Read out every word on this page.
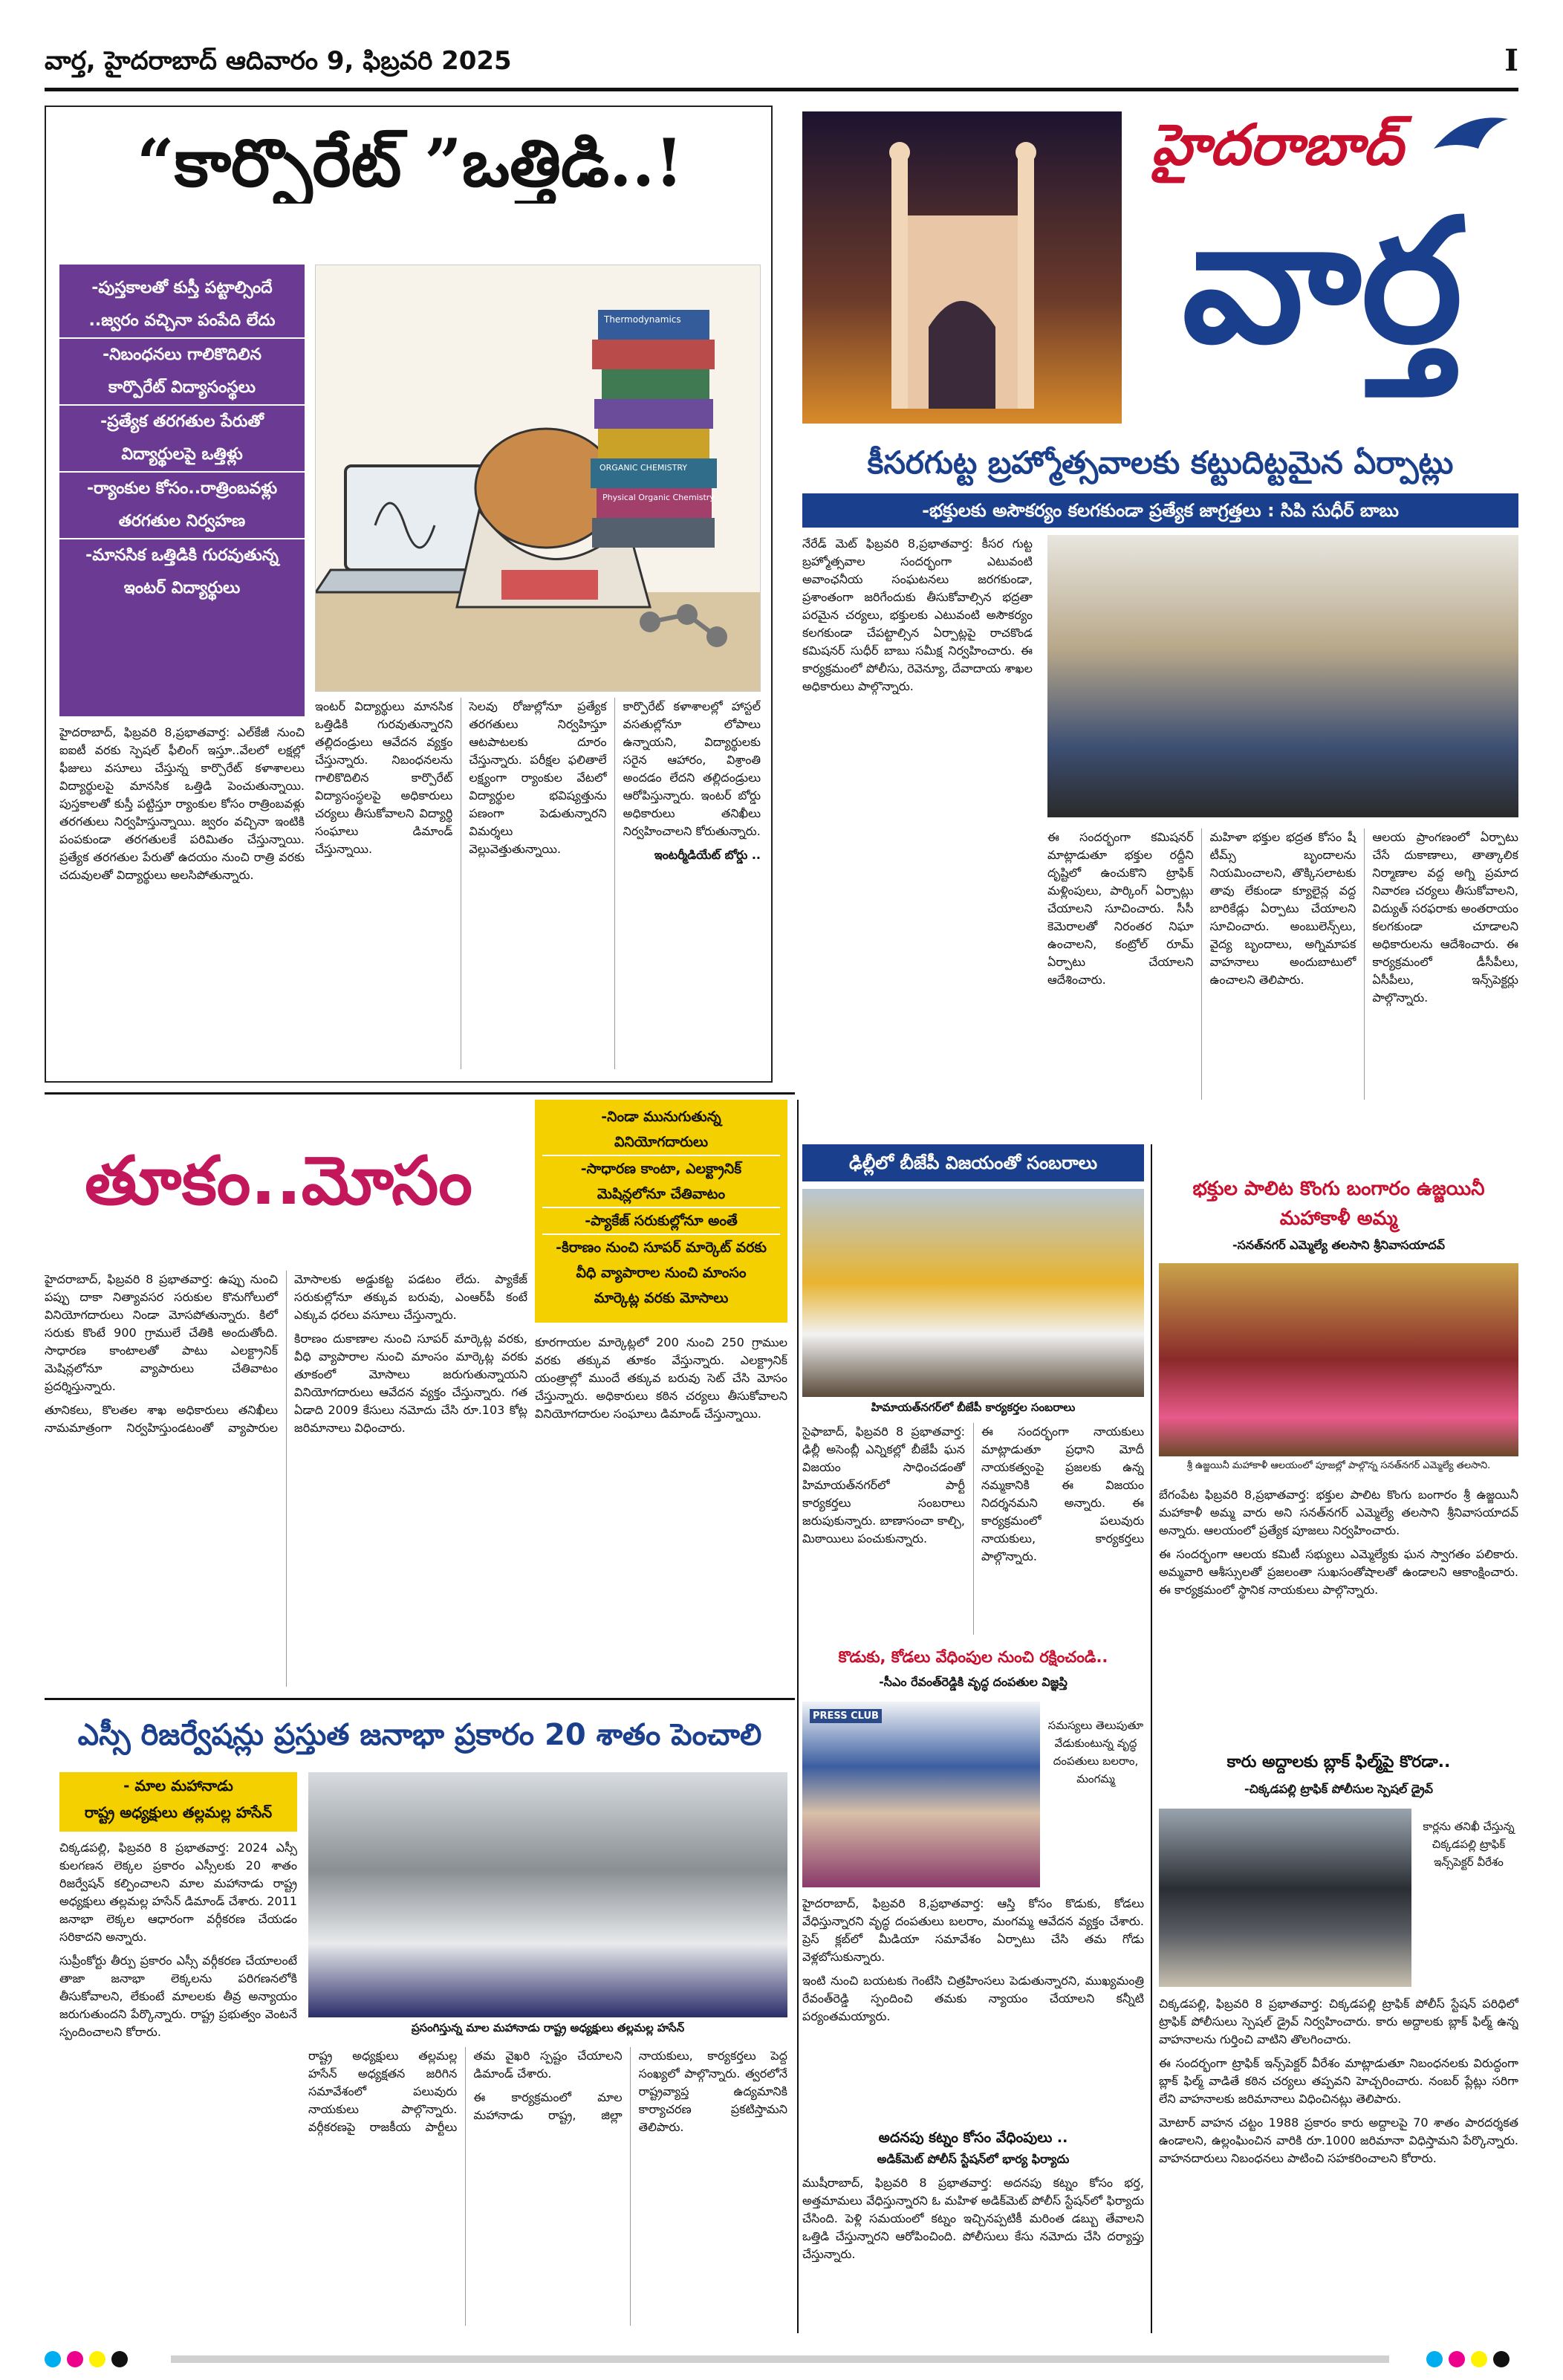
వార్త, హైదరాబాద్ ఆదివారం 9, ఫిబ్రవరి 2025	I
“కార్పొరేట్ ”ఒత్తిడి..!
-పుస్తకాలతో కుస్తీ పట్టాల్సిందే
..జ్వరం వచ్చినా పంపేది లేదు
-నిబంధనలు గాలికొదిలిన
కార్పొరేట్ విద్యాసంస్థలు
-ప్రత్యేక తరగతుల పేరుతో
విద్యార్థులపై ఒత్తిళ్లు
-ర్యాంకుల కోసం..రాత్రింబవళ్లు
తరగతుల నిర్వహణ
-మానసిక ఒత్తిడికి గురవుతున్న
ఇంటర్ విద్యార్థులు
Thermodynamics
ORGANIC CHEMISTRY
Physical Organic Chemistry

హైదరాబాద్, ఫిబ్రవరి 8,ప్రభాతవార్త: ఎల్‌కేజీ నుంచి ఐఐటీ వరకు స్పెషల్ ఫీలింగ్ ఇస్తూ..వేలలో లక్షల్లో ఫీజులు వసూలు చేస్తున్న కార్పొరేట్ కళాశాలలు విద్యార్థులపై మానసిక ఒత్తిడి పెంచుతున్నాయి. పుస్తకాలతో కుస్తీ పట్టిస్తూ ర్యాంకుల కోసం రాత్రింబవళ్లు తరగతులు నిర్వహిస్తున్నాయి. జ్వరం వచ్చినా ఇంటికి పంపకుండా తరగతులకే పరిమితం చేస్తున్నాయి. ప్రత్యేక తరగతుల పేరుతో ఉదయం నుంచి రాత్రి వరకు చదువులతో విద్యార్థులు అలసిపోతున్నారు.

ఇంటర్ విద్యార్థులు మానసిక ఒత్తిడికి గురవుతున్నారని తల్లిదండ్రులు ఆవేదన వ్యక్తం చేస్తున్నారు. నిబంధనలను గాలికొదిలిన కార్పొరేట్ విద్యాసంస్థలపై అధికారులు చర్యలు తీసుకోవాలని విద్యార్థి సంఘాలు డిమాండ్ చేస్తున్నాయి.

సెలవు రోజుల్లోనూ ప్రత్యేక తరగతులు నిర్వహిస్తూ ఆటపాటలకు దూరం చేస్తున్నారు. పరీక్షల ఫలితాలే లక్ష్యంగా ర్యాంకుల వేటలో విద్యార్థుల భవిష్యత్తును పణంగా పెడుతున్నారని విమర్శలు వెల్లువెత్తుతున్నాయి.

కార్పొరేట్ కళాశాలల్లో హాస్టల్ వసతుల్లోనూ లోపాలు ఉన్నాయని, విద్యార్థులకు సరైన ఆహారం, విశ్రాంతి అందడం లేదని తల్లిదండ్రులు ఆరోపిస్తున్నారు. ఇంటర్ బోర్డు అధికారులు తనిఖీలు నిర్వహించాలని కోరుతున్నారు.

ఇంటర్మీడియేట్ బోర్డు ..

హైదరాబాద్
వార్త
కీసరగుట్ట బ్రహ్మోత్సవాలకు కట్టుదిట్టమైన ఏర్పాట్లు
-భక్తులకు అసౌకర్యం కలగకుండా ప్రత్యేక జాగ్రత్తలు : సిపి సుధీర్ బాబు

నేరేడ్ మెట్ ఫిబ్రవరి 8,ప్రభాతవార్త: కీసర గుట్ట బ్రహ్మోత్సవాల సందర్భంగా ఎటువంటి అవాంఛనీయ సంఘటనలు జరగకుండా, ప్రశాంతంగా జరిగేందుకు తీసుకోవాల్సిన భద్రతా పరమైన చర్యలు, భక్తులకు ఎటువంటి అసౌకర్యం కలగకుండా చేపట్టాల్సిన ఏర్పాట్లపై రాచకొండ కమిషనర్ సుధీర్ బాబు సమీక్ష నిర్వహించారు. ఈ కార్యక్రమంలో పోలీసు, రెవెన్యూ, దేవాదాయ శాఖల అధికారులు పాల్గొన్నారు.

ఈ సందర్భంగా కమిషనర్ మాట్లాడుతూ భక్తుల రద్దీని దృష్టిలో ఉంచుకొని ట్రాఫిక్ మళ్లింపులు, పార్కింగ్ ఏర్పాట్లు చేయాలని సూచించారు. సీసీ కెమెరాలతో నిరంతర నిఘా ఉంచాలని, కంట్రోల్ రూమ్ ఏర్పాటు చేయాలని ఆదేశించారు.

మహిళా భక్తుల భద్రత కోసం షీ టీమ్స్ బృందాలను నియమించాలని, తొక్కిసలాటకు తావు లేకుండా క్యూలైన్ల వద్ద బారికేడ్లు ఏర్పాటు చేయాలని సూచించారు. అంబులెన్స్‌లు, వైద్య బృందాలు, అగ్నిమాపక వాహనాలు అందుబాటులో ఉంచాలని తెలిపారు.

ఆలయ ప్రాంగణంలో ఏర్పాటు చేసే దుకాణాలు, తాత్కాలిక నిర్మాణాల వద్ద అగ్ని ప్రమాద నివారణ చర్యలు తీసుకోవాలని, విద్యుత్ సరఫరాకు అంతరాయం కలగకుండా చూడాలని అధికారులను ఆదేశించారు. ఈ కార్యక్రమంలో డీసీపీలు, ఏసీపీలు, ఇన్స్‌పెక్టర్లు పాల్గొన్నారు.

తూకం..మోసం
-నిండా మునుగుతున్న
వినియోగదారులు
-సాధారణ కాంటా, ఎలక్ట్రానిక్
మెషిన్లలోనూ చేతివాటం
-ప్యాకేజ్ సరుకుల్లోనూ అంతే
-కిరాణం నుంచి సూపర్ మార్కెట్ వరకు
వీధి వ్యాపారాల నుంచి మాంసం
మార్కెట్ల వరకు మోసాలు

హైదరాబాద్, ఫిబ్రవరి 8 ప్రభాతవార్త: ఉప్పు నుంచి పప్పు దాకా నిత్యావసర సరుకుల కొనుగోలులో వినియోగదారులు నిండా మోసపోతున్నారు. కిలో సరుకు కొంటే 900 గ్రాములే చేతికి అందుతోంది. సాధారణ కాంటాలతో పాటు ఎలక్ట్రానిక్ మెషిన్లలోనూ వ్యాపారులు చేతివాటం ప్రదర్శిస్తున్నారు.

తూనికలు, కొలతల శాఖ అధికారులు తనిఖీలు నామమాత్రంగా నిర్వహిస్తుండటంతో వ్యాపారుల మోసాలకు అడ్డుకట్ట పడటం లేదు. ప్యాకేజ్ సరుకుల్లోనూ తక్కువ బరువు, ఎంఆర్‌పీ కంటే ఎక్కువ ధరలు వసూలు చేస్తున్నారు.

కిరాణం దుకాణాల నుంచి సూపర్ మార్కెట్ల వరకు, వీధి వ్యాపారాల నుంచి మాంసం మార్కెట్ల వరకు తూకంలో మోసాలు జరుగుతున్నాయని వినియోగదారులు ఆవేదన వ్యక్తం చేస్తున్నారు. గత ఏడాది 2009 కేసులు నమోదు చేసి రూ.103 కోట్ల జరిమానాలు విధించారు.

కూరగాయల మార్కెట్లలో 200 నుంచి 250 గ్రాముల వరకు తక్కువ తూకం వేస్తున్నారు. ఎలక్ట్రానిక్ యంత్రాల్లో ముందే తక్కువ బరువు సెట్ చేసి మోసం చేస్తున్నారు. అధికారులు కఠిన చర్యలు తీసుకోవాలని వినియోగదారుల సంఘాలు డిమాండ్ చేస్తున్నాయి.

ఎస్సీ రిజర్వేషన్లు ప్రస్తుత జనాభా ప్రకారం 20 శాతం పెంచాలి
- మాల మహానాడు
రాష్ట్ర అధ్యక్షులు తల్లమల్ల హసేన్

చిక్కడపల్లి, ఫిబ్రవరి 8 ప్రభాతవార్త: 2024 ఎస్సీ కులగణన లెక్కల ప్రకారం ఎస్సీలకు 20 శాతం రిజర్వేషన్ కల్పించాలని మాల మహానాడు రాష్ట్ర అధ్యక్షులు తల్లమల్ల హసేన్ డిమాండ్ చేశారు. 2011 జనాభా లెక్కల ఆధారంగా వర్గీకరణ చేయడం సరికాదని అన్నారు.

సుప్రీంకోర్టు తీర్పు ప్రకారం ఎస్సీ వర్గీకరణ చేయాలంటే తాజా జనాభా లెక్కలను పరిగణనలోకి తీసుకోవాలని, లేకుంటే మాలలకు తీవ్ర అన్యాయం జరుగుతుందని పేర్కొన్నారు. రాష్ట్ర ప్రభుత్వం వెంటనే స్పందించాలని కోరారు.	ప్రసంగిస్తున్న మాల మహానాడు రాష్ట్ర అధ్యక్షులు తల్లమల్ల హసేన్

రాష్ట్ర అధ్యక్షులు తల్లమల్ల హసేన్ అధ్యక్షతన జరిగిన సమావేశంలో పలువురు నాయకులు పాల్గొన్నారు. వర్గీకరణపై రాజకీయ పార్టీలు తమ వైఖరి స్పష్టం చేయాలని డిమాండ్ చేశారు.

ఈ కార్యక్రమంలో మాల మహానాడు రాష్ట్ర, జిల్లా నాయకులు, కార్యకర్తలు పెద్ద సంఖ్యలో పాల్గొన్నారు. త్వరలోనే రాష్ట్రవ్యాప్త ఉద్యమానికి కార్యాచరణ ప్రకటిస్తామని తెలిపారు.

ఢిల్లీలో బీజేపీ విజయంతో సంబరాలు
హిమాయత్‌నగర్‌లో బీజేపీ కార్యకర్తల సంబరాలు

సైఫాబాద్, ఫిబ్రవరి 8 ప్రభాతవార్త: ఢిల్లీ అసెంబ్లీ ఎన్నికల్లో బీజేపీ ఘన విజయం సాధించడంతో హిమాయత్‌నగర్‌లో పార్టీ కార్యకర్తలు సంబరాలు జరుపుకున్నారు. బాణాసంచా కాల్చి, మిఠాయిలు పంచుకున్నారు.

ఈ సందర్భంగా నాయకులు మాట్లాడుతూ ప్రధాని మోదీ నాయకత్వంపై ప్రజలకు ఉన్న నమ్మకానికి ఈ విజయం నిదర్శనమని అన్నారు. ఈ కార్యక్రమంలో పలువురు నాయకులు, కార్యకర్తలు పాల్గొన్నారు.

భక్తుల పాలిట కొంగు బంగారం ఉజ్జయినీ మహాకాళీ అమ్మ
-సనత్‌నగర్ ఎమ్మెల్యే తలసాని శ్రీనివాసయాదవ్
శ్రీ ఉజ్జయినీ మహాకాళీ ఆలయంలో పూజల్లో పాల్గొన్న సనత్‌నగర్ ఎమ్మెల్యే తలసాని.

బేగంపేట ఫిబ్రవరి 8,ప్రభాతవార్త: భక్తుల పాలిట కొంగు బంగారం శ్రీ ఉజ్జయినీ మహాకాళీ అమ్మ వారు అని సనత్‌నగర్ ఎమ్మెల్యే తలసాని శ్రీనివాసయాదవ్ అన్నారు. ఆలయంలో ప్రత్యేక పూజలు నిర్వహించారు.

ఈ సందర్భంగా ఆలయ కమిటీ సభ్యులు ఎమ్మెల్యేకు ఘన స్వాగతం పలికారు. అమ్మవారి ఆశీస్సులతో ప్రజలంతా సుఖసంతోషాలతో ఉండాలని ఆకాంక్షించారు. ఈ కార్యక్రమంలో స్థానిక నాయకులు పాల్గొన్నారు.

కొడుకు, కోడలు వేధింపుల నుంచి రక్షించండి..
-సీఎం రేవంత్‌రెడ్డికి వృద్ధ దంపతుల విజ్ఞప్తి
PRESS CLUB
సమస్యలు తెలుపుతూ వేడుకుంటున్న వృద్ధ దంపతులు బలరాం, మంగమ్మ

హైదరాబాద్, ఫిబ్రవరి 8,ప్రభాతవార్త: ఆస్తి కోసం కొడుకు, కోడలు వేధిస్తున్నారని వృద్ధ దంపతులు బలరాం, మంగమ్మ ఆవేదన వ్యక్తం చేశారు. ప్రెస్ క్లబ్‌లో మీడియా సమావేశం ఏర్పాటు చేసి తమ గోడు వెళ్లబోసుకున్నారు.

ఇంటి నుంచి బయటకు గెంటేసి చిత్రహింసలు పెడుతున్నారని, ముఖ్యమంత్రి రేవంత్‌రెడ్డి స్పందించి తమకు న్యాయం చేయాలని కన్నీటి పర్యంతమయ్యారు.

అదనపు కట్నం కోసం వేధింపులు ..
అడిక్‌మెట్ పోలీస్ స్టేషన్‌లో భార్య ఫిర్యాదు

ముషీరాబాద్, ఫిబ్రవరి 8 ప్రభాతవార్త: అదనపు కట్నం కోసం భర్త, అత్తమామలు వేధిస్తున్నారని ఓ మహిళ అడిక్‌మెట్ పోలీస్ స్టేషన్‌లో ఫిర్యాదు చేసింది. పెళ్లి సమయంలో కట్నం ఇచ్చినప్పటికీ మరింత డబ్బు తేవాలని ఒత్తిడి చేస్తున్నారని ఆరోపించింది. పోలీసులు కేసు నమోదు చేసి దర్యాప్తు చేస్తున్నారు.

కారు అద్దాలకు బ్లాక్ ఫిల్మ్‌పై కొరడా..
-చిక్కడపల్లి ట్రాఫిక్ పోలీసుల స్పెషల్ డ్రైవ్
కార్లను తనిఖీ చేస్తున్న చిక్కడపల్లి ట్రాఫిక్ ఇన్స్‌పెక్టర్ వీరేశం

చిక్కడపల్లి, ఫిబ్రవరి 8 ప్రభాతవార్త: చిక్కడపల్లి ట్రాఫిక్ పోలీస్ స్టేషన్ పరిధిలో ట్రాఫిక్ పోలీసులు స్పెషల్ డ్రైవ్ నిర్వహించారు. కారు అద్దాలకు బ్లాక్ ఫిల్మ్ ఉన్న వాహనాలను గుర్తించి వాటిని తొలగించారు.

ఈ సందర్భంగా ట్రాఫిక్ ఇన్స్‌పెక్టర్ వీరేశం మాట్లాడుతూ నిబంధనలకు విరుద్ధంగా బ్లాక్ ఫిల్మ్ వాడితే కఠిన చర్యలు తప్పవని హెచ్చరించారు. నంబర్ ప్లేట్లు సరిగా లేని వాహనాలకు జరిమానాలు విధించినట్లు తెలిపారు.

మోటార్ వాహన చట్టం 1988 ప్రకారం కారు అద్దాలపై 70 శాతం పారదర్శకత ఉండాలని, ఉల్లంఘించిన వారికి రూ.1000 జరిమానా విధిస్తామని పేర్కొన్నారు. వాహనదారులు నిబంధనలు పాటించి సహకరించాలని కోరారు.
